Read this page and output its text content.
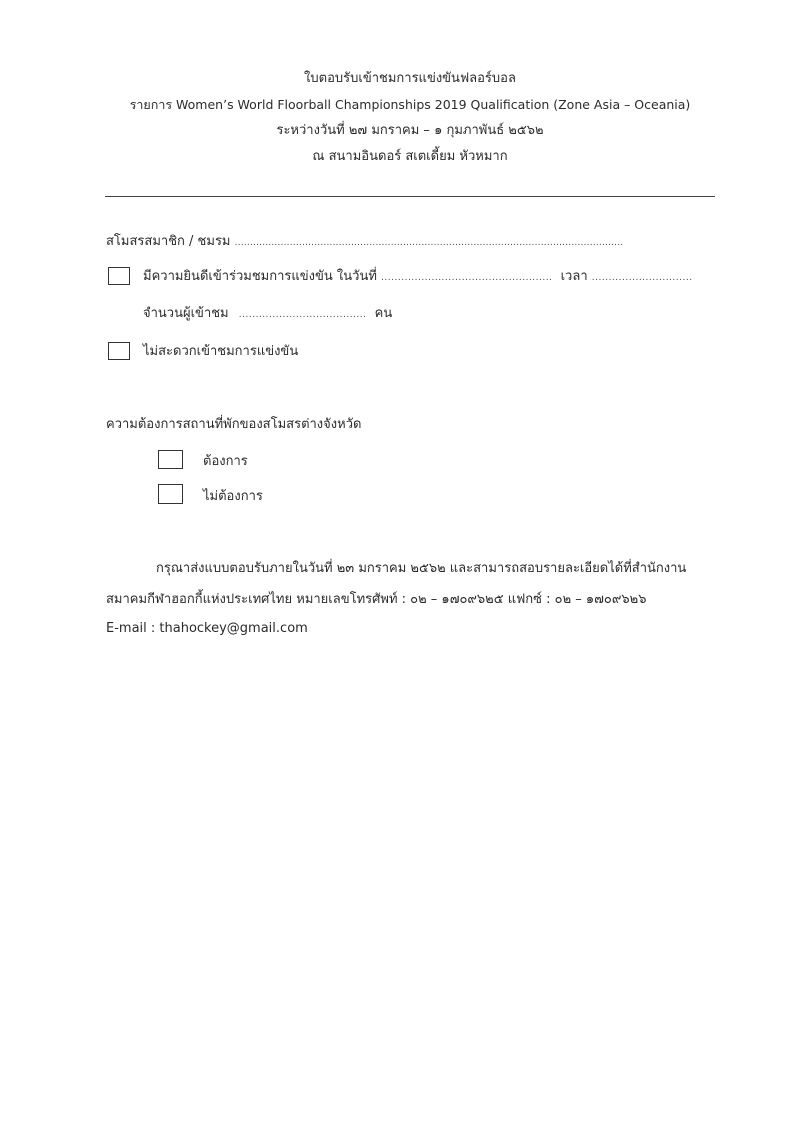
ใบตอบรับเข้าชมการแข่งขันฟลอร์บอล
รายการ Women’s World Floorball Championships 2019 Qualification (Zone Asia – Oceania)
ระหว่างวันที่ ๒๗ มกราคม – ๑ กุมภาพันธ์ ๒๕๖๒
ณ สนามอินดอร์ สเตเดี้ยม หัวหมาก
สโมสรสมาชิก / ชมรม ...............................................................................................................................
มีความยินดีเข้าร่วมชมการแข่งขัน ในวันที่ ................................................... เวลา ..............................
จำนวนผู้เข้าชม ...................................... คน
ไม่สะดวกเข้าชมการแข่งขัน
ความต้องการสถานที่พักของสโมสรต่างจังหวัด
ต้องการ
ไม่ต้องการ
กรุณาส่งแบบตอบรับภายในวันที่ ๒๓ มกราคม ๒๕๖๒ และสามารถสอบรายละเอียดได้ที่สำนักงาน
สมาคมกีฬาฮอกกี้แห่งประเทศไทย หมายเลขโทรศัพท์ : ๐๒ – ๑๗๐๙๖๒๕ แฟกซ์ : ๐๒ – ๑๗๐๙๖๒๖
E-mail : thahockey@gmail.com
